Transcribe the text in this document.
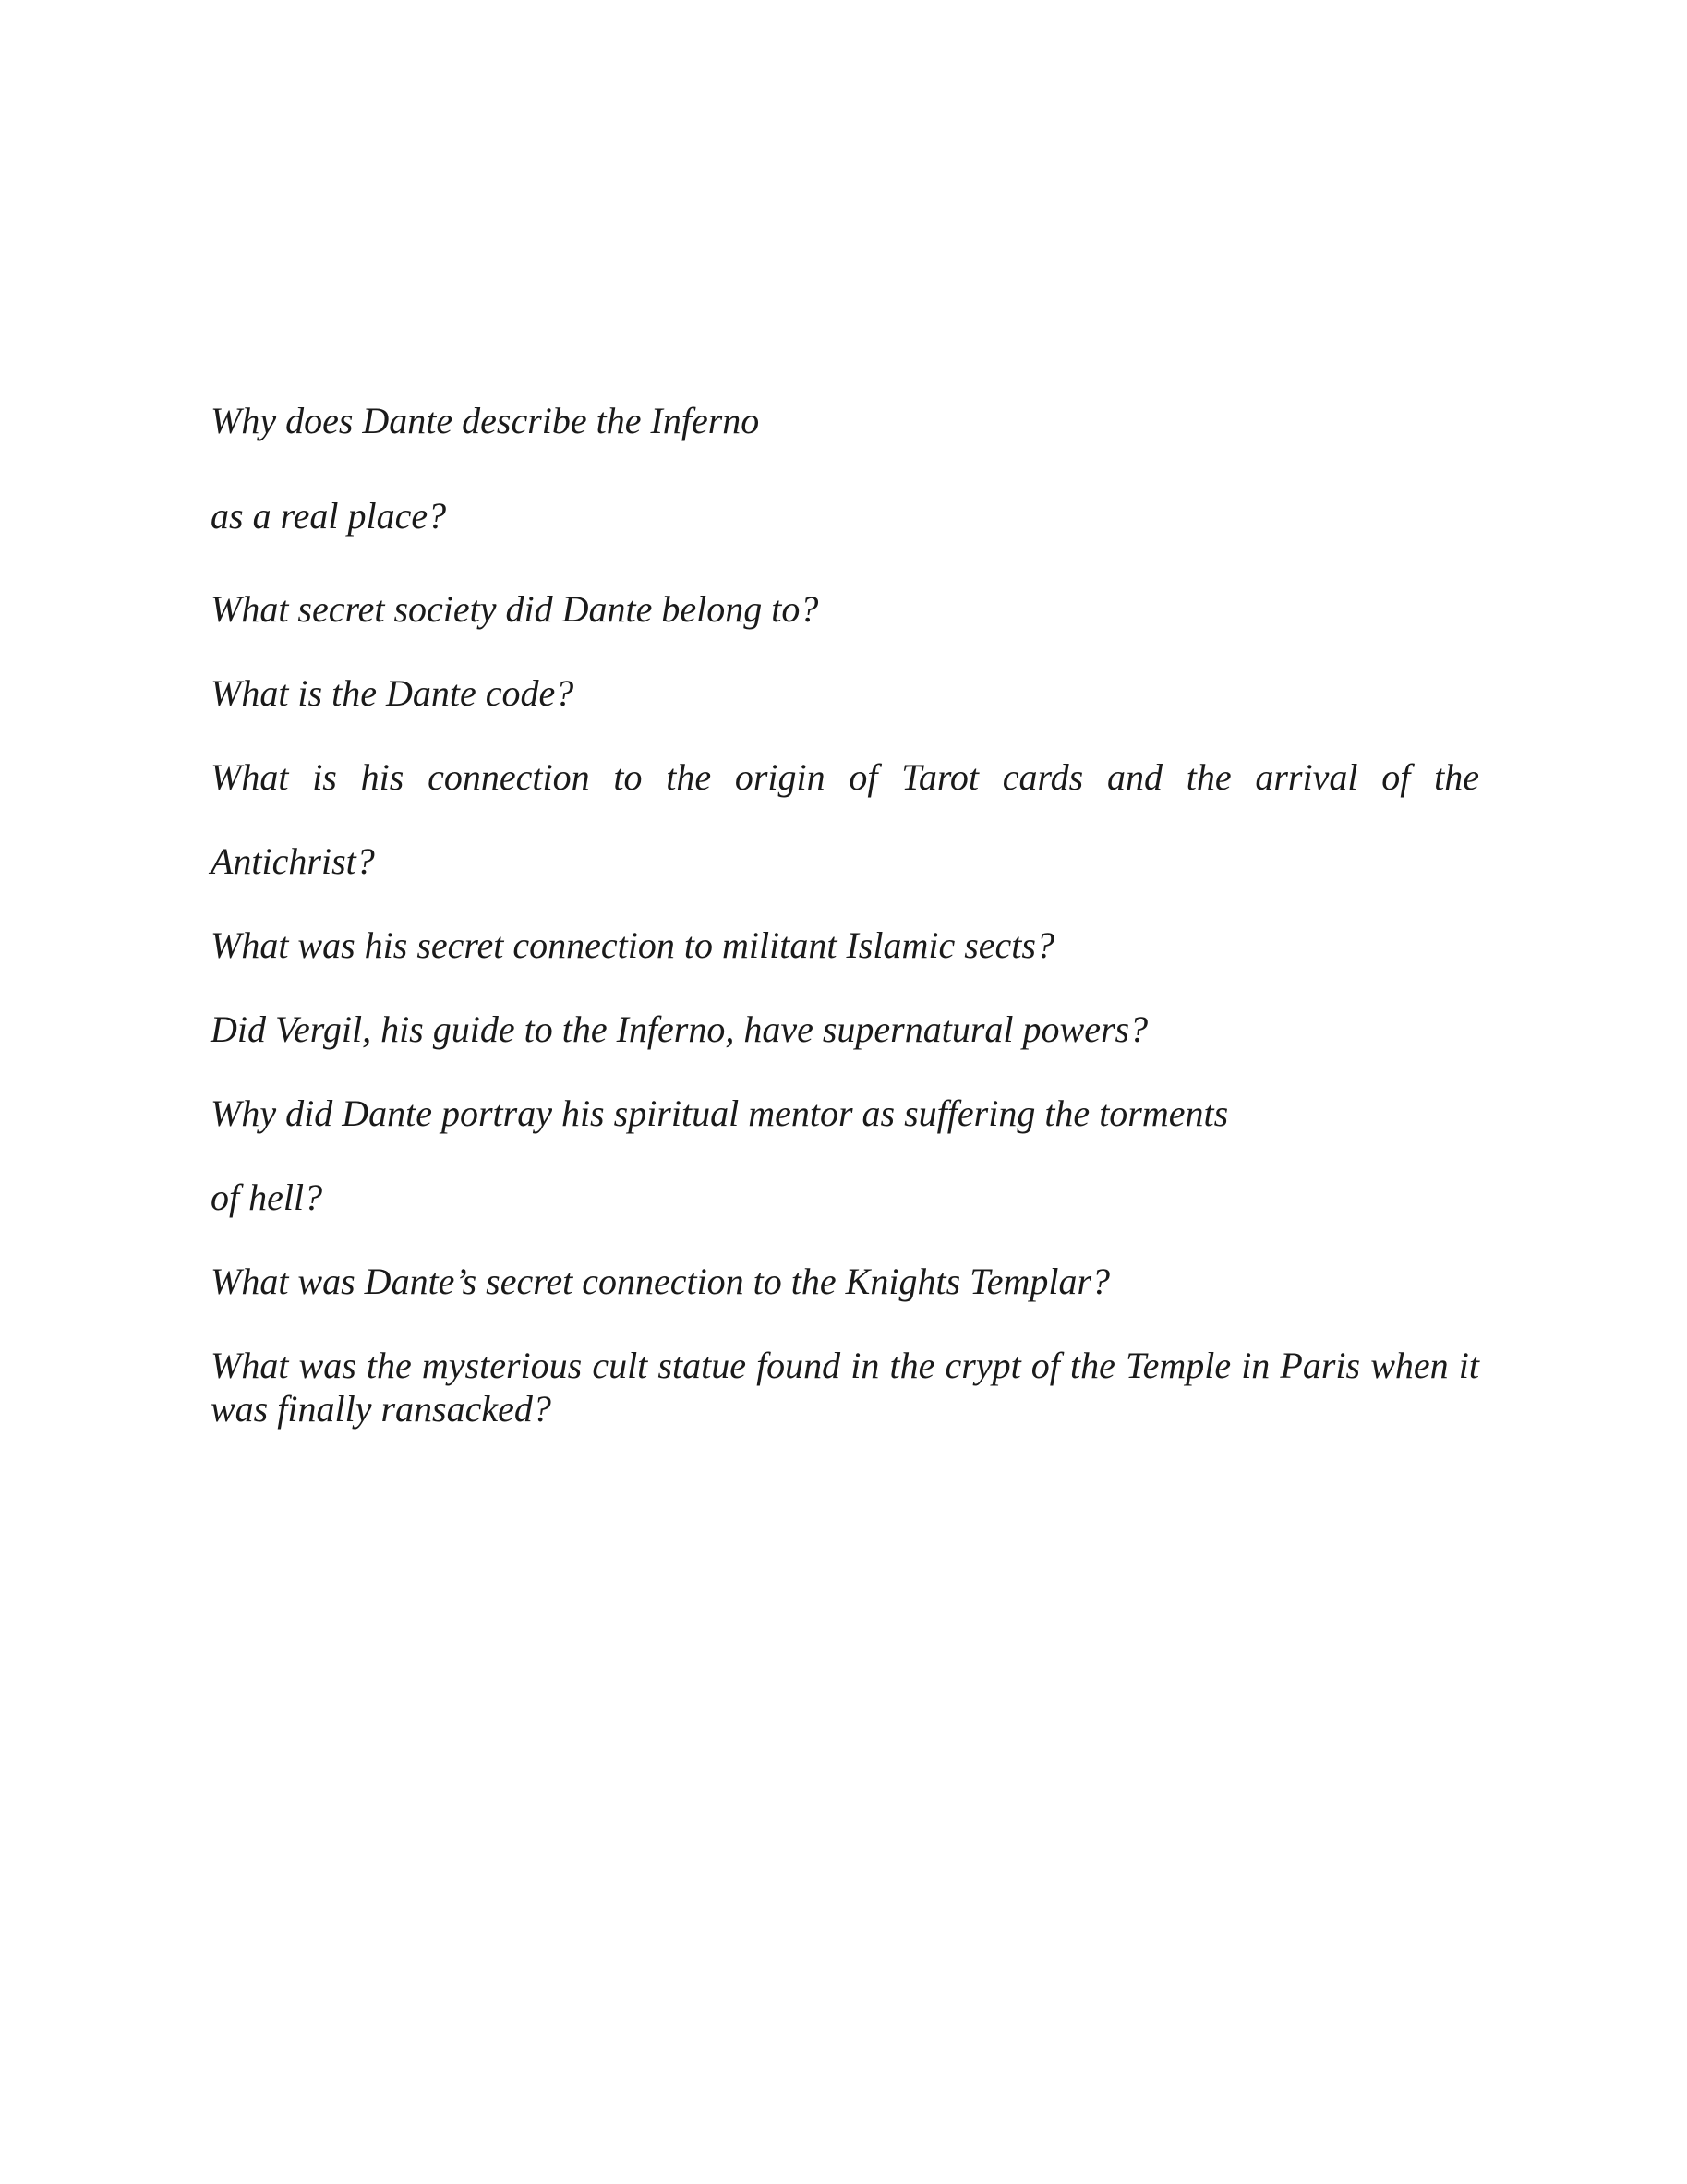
Why does Dante describe the Inferno

as a real place?

What secret society did Dante belong to?

What is the Dante code?

What is his connection to the origin of Tarot cards and the arrival of the

Antichrist?

What was his secret connection to militant Islamic sects?

Did Vergil, his guide to the Inferno, have supernatural powers?

Why did Dante portray his spiritual mentor as suffering the torments

of hell?

What was Dante’s secret connection to the Knights Templar?

What was the mysterious cult statue found in the crypt of the Temple in Paris when it was finally ransacked?
